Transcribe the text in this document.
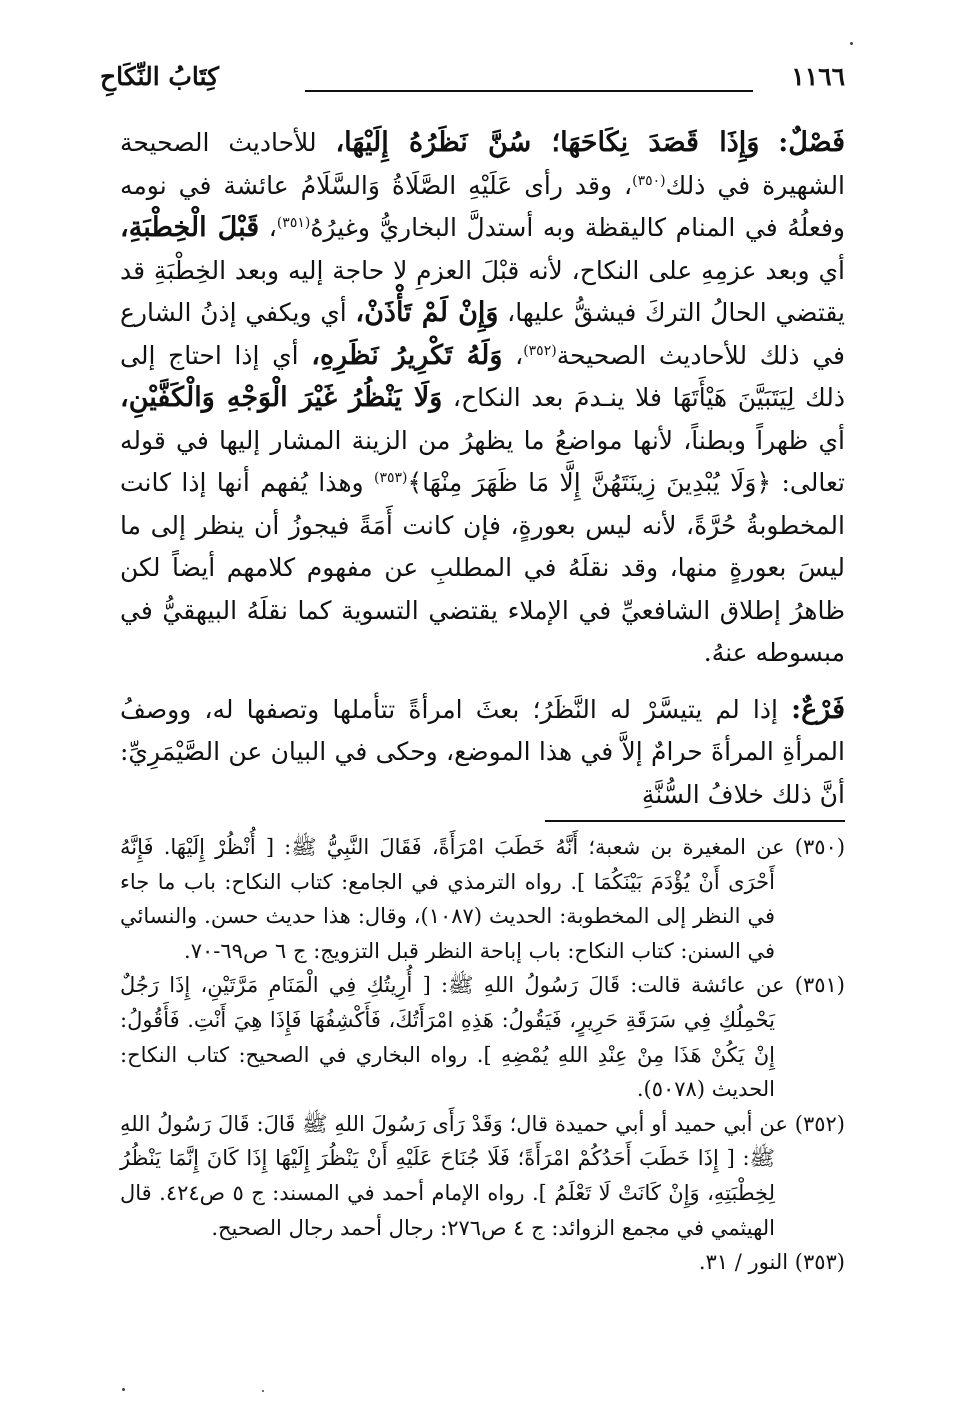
١١٦٦
كِتَابُ النِّكَاحِ

فَصْلٌ: وَإِذَا قَصَدَ نِكَاحَهَا؛ سُنَّ نَظَرُهُ إِلَيْهَا، للأحاديث الصحيحة الشهيرة في ذلك$^{(٣٥٠)}$، وقد رأى عَلَيْهِ الصَّلَاةُ وَالسَّلَامُ عائشة في نومه وفعلُهُ في المنام كاليقظة وبه أستدلَّ البخاريُّ وغيرُهُ$^{(٣٥١)}$، قَبْلَ الْخِطْبَةِ، أي وبعد عزمِهِ على النكاح، لأنه قبْلَ العزمِ لا حاجة إليه وبعد الخِطْبَةِ قد يقتضي الحالُ التركَ فيشقُّ عليها، وَإِنْ لَمْ تَأْذَنْ، أي ويكفي إذنُ الشارع في ذلك للأحاديث الصحيحة$^{(٣٥٢)}$، وَلَهُ تَكْرِيرُ نَظَرِهِ، أي إذا احتاج إلى ذلك لِيَتَبَيَّنَ هَيْأَتَهَا فلا ينـدمَ بعد النكاح، وَلَا يَنْظُرُ غَيْرَ الْوَجْهِ وَالْكَفَّيْنِ، أي ظهراً وبطناً، لأنها مواضعُ ما يظهرُ من الزينة المشار إليها في قوله تعالى: ﴿وَلَا يُبْدِينَ زِينَتَهُنَّ إِلَّا مَا ظَهَرَ مِنْهَا﴾$^{(٣٥٣)}$ وهذا يُفهم أنها إذا كانت المخطوبةُ حُرَّةً، لأنه ليس بعورةٍ، فإن كانت أَمَةً فيجوزُ أن ينظر إلى ما ليسَ بعورةٍ منها، وقد نقلَهُ في المطلبِ عن مفهوم كلامهم أيضاً لكن ظاهرُ إطلاق الشافعيِّ في الإملاء يقتضي التسوية كما نقلَهُ البيهقيُّ في مبسوطه عنهُ.

فَرْعٌ: إذا لم يتيسَّرْ له النَّظَرُ؛ بعثَ امرأةً تتأملها وتصفها له، ووصفُ المرأةِ المرأةَ حرامٌ إلاَّ في هذا الموضع، وحكى في البيان عن الصَّيْمَرِيِّ: أنَّ ذلك خلافُ السُّنَّةِ

(٣٥٠) عن المغيرة بن شعبة؛ أَنَّهُ خَطَبَ امْرَأَةً، فَقَالَ النَّبِيُّ ﷺ: [ أُنْظُرْ إِلَيْهَا. فَإِنَّهُ أَحْرَى أَنْ يُؤْدَمَ بَيْنَكُمَا ]. رواه الترمذي في الجامع: كتاب النكاح: باب ما جاء في النظر إلى المخطوبة: الحديث (١٠٨٧)، وقال: هذا حديث حسن. والنسائي في السنن: كتاب النكاح: باب إباحة النظر قبل التزويج: ج ٦ ص٦٩-٧٠.

(٣٥١) عن عائشة قالت: قَالَ رَسُولُ اللهِ ﷺ: [ أُرِيتُكِ فِي الْمَنَامِ مَرَّتَيْنِ، إِذَا رَجُلٌ يَحْمِلُكِ فِي سَرَقَةِ حَرِيرٍ، فَيَقُولُ: هَذِهِ امْرَأَتُكَ، فَأَكْشِفُهَا فَإِذَا هِيَ أَنْتِ. فَأَقُولُ: إِنْ يَكُنْ هَذَا مِنْ عِنْدِ اللهِ يُمْضِهِ ]. رواه البخاري في الصحيح: كتاب النكاح: الحديث (٥٠٧٨).

(٣٥٢) عن أبي حميد أو أبي حميدة قال؛ وَقَدْ رَأَى رَسُولَ اللهِ ﷺ قَالَ: قَالَ رَسُولُ اللهِ ﷺ: [ إِذَا خَطَبَ أَحَدُكُمْ امْرَأَةً؛ فَلَا جُنَاحَ عَلَيْهِ أَنْ يَنْظُرَ إِلَيْهَا إِذَا كَانَ إِنَّمَا يَنْظُرُ لِخِطْبَتِهِ، وَإِنْ كَانَتْ لَا تَعْلَمُ ]. رواه الإمام أحمد في المسند: ج ٥ ص٤٢٤. قال الهيثمي في مجمع الزوائد: ج ٤ ص٢٧٦: رجال أحمد رجال الصحيح.

(٣٥٣) النور / ٣١.
